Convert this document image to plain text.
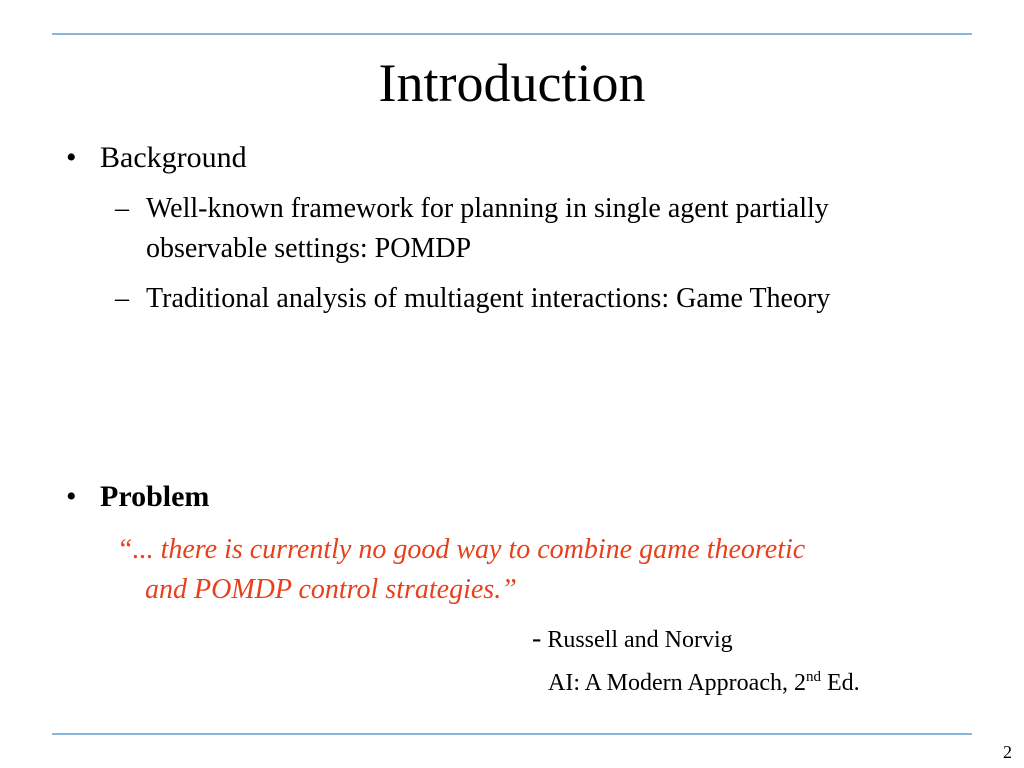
Introduction
• Background
– Well-known framework for planning in single agent partially observable settings: POMDP
– Traditional analysis of multiagent interactions: Game Theory
• Problem
“... there is currently no good way to combine game theoretic
and POMDP control strategies.”
- Russell and Norvig
AI: A Modern Approach, 2nd Ed.
2
